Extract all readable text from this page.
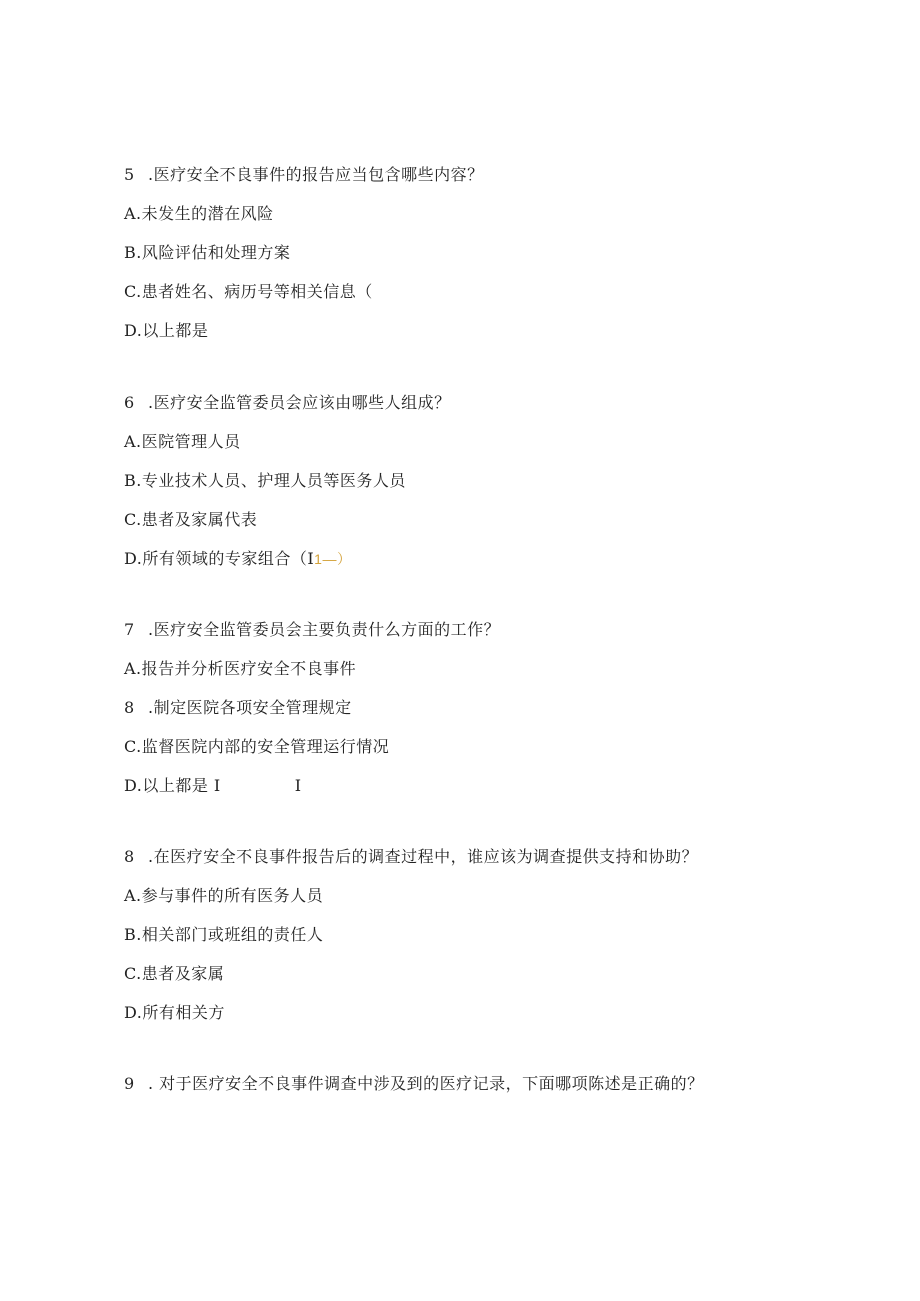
5 .医疗安全不良事件的报告应当包含哪些内容？
A.未发生的潜在风险
B.风险评估和处理方案
C.患者姓名、病历号等相关信息（
D.以上都是
6 .医疗安全监管委员会应该由哪些人组成？
A.医院管理人员
B.专业技术人员、护理人员等医务人员
C.患者及家属代表
D.所有领域的专家组合（I1—）
7 .医疗安全监管委员会主要负责什么方面的工作？
A.报告并分析医疗安全不良事件
8 .制定医院各项安全管理规定
C.监督医院内部的安全管理运行情况
D.以上都是 I	I
8 .在医疗安全不良事件报告后的调查过程中，谁应该为调查提供支持和协助？
A.参与事件的所有医务人员
B.相关部门或班组的责任人
C.患者及家属
D.所有相关方
9 . 对于医疗安全不良事件调查中涉及到的医疗记录，下面哪项陈述是正确的？
